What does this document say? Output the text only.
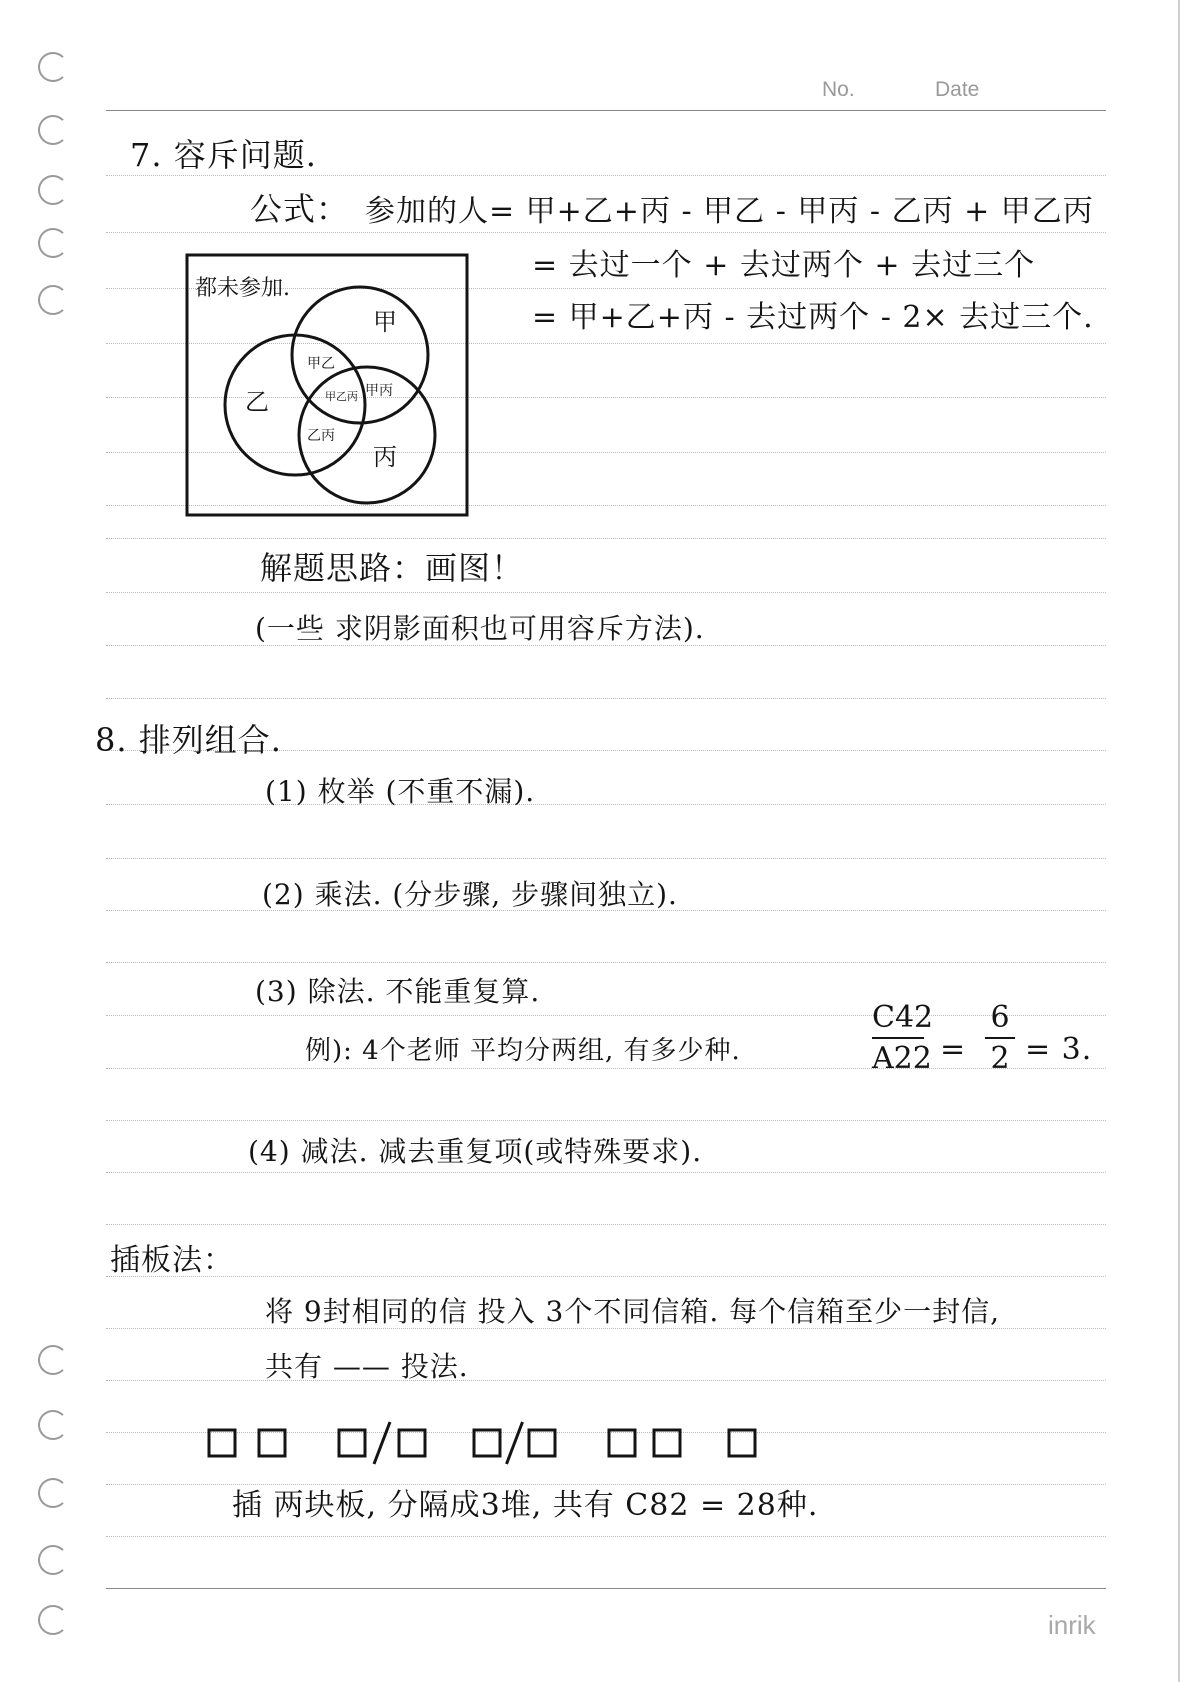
No.	Date
inrik
7. 容斥问题.
公式： 参加的人= 甲+乙+丙 - 甲乙 - 甲丙 - 乙丙 + 甲乙丙
= 去过一个 + 去过两个 + 去过三个
= 甲+乙+丙 - 去过两个 - 2× 去过三个.
都未参加.
甲
乙
丙
甲乙
甲丙
乙丙
甲乙丙
解题思路：画图！
(一些 求阴影面积也可用容斥方法).
8. 排列组合.
(1) 枚举 (不重不漏).
(2) 乘法. (分步骤, 步骤间独立).
(3) 除法. 不能重复算.
例): 4个老师 平均分两组, 有多少种.
C42
A22 =
6
2 = 3.
(4) 减法. 减去重复项(或特殊要求).
插板法：
将 9封相同的信 投入 3个不同信箱. 每个信箱至少一封信,
共有 —— 投法.
插 两块板, 分隔成3堆, 共有 C82 = 28种.
